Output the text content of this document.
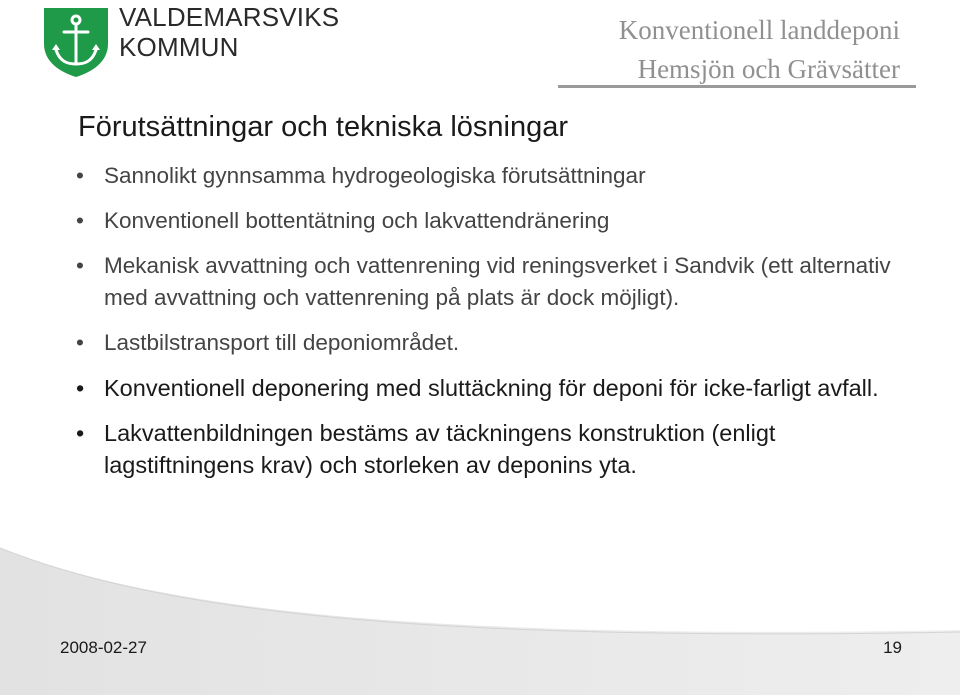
VALDEMARSVIKS
KOMMUN
Konventionell landdeponi
Hemsjön och Grävsätter
Förutsättningar och tekniska lösningar
• Sannolikt gynnsamma hydrogeologiska förutsättningar
• Konventionell bottentätning och lakvattendränering
• Mekanisk avvattning och vattenrening vid reningsverket i Sandvik (ett alternativ med avvattning och vattenrening på plats är dock möjligt).
• Lastbilstransport till deponiområdet.
• Konventionell deponering med sluttäckning för deponi för icke-farligt avfall.
• Lakvattenbildningen bestäms av täckningens konstruktion (enligt lagstiftningens krav) och storleken av deponins yta.
2008-02-27	19
